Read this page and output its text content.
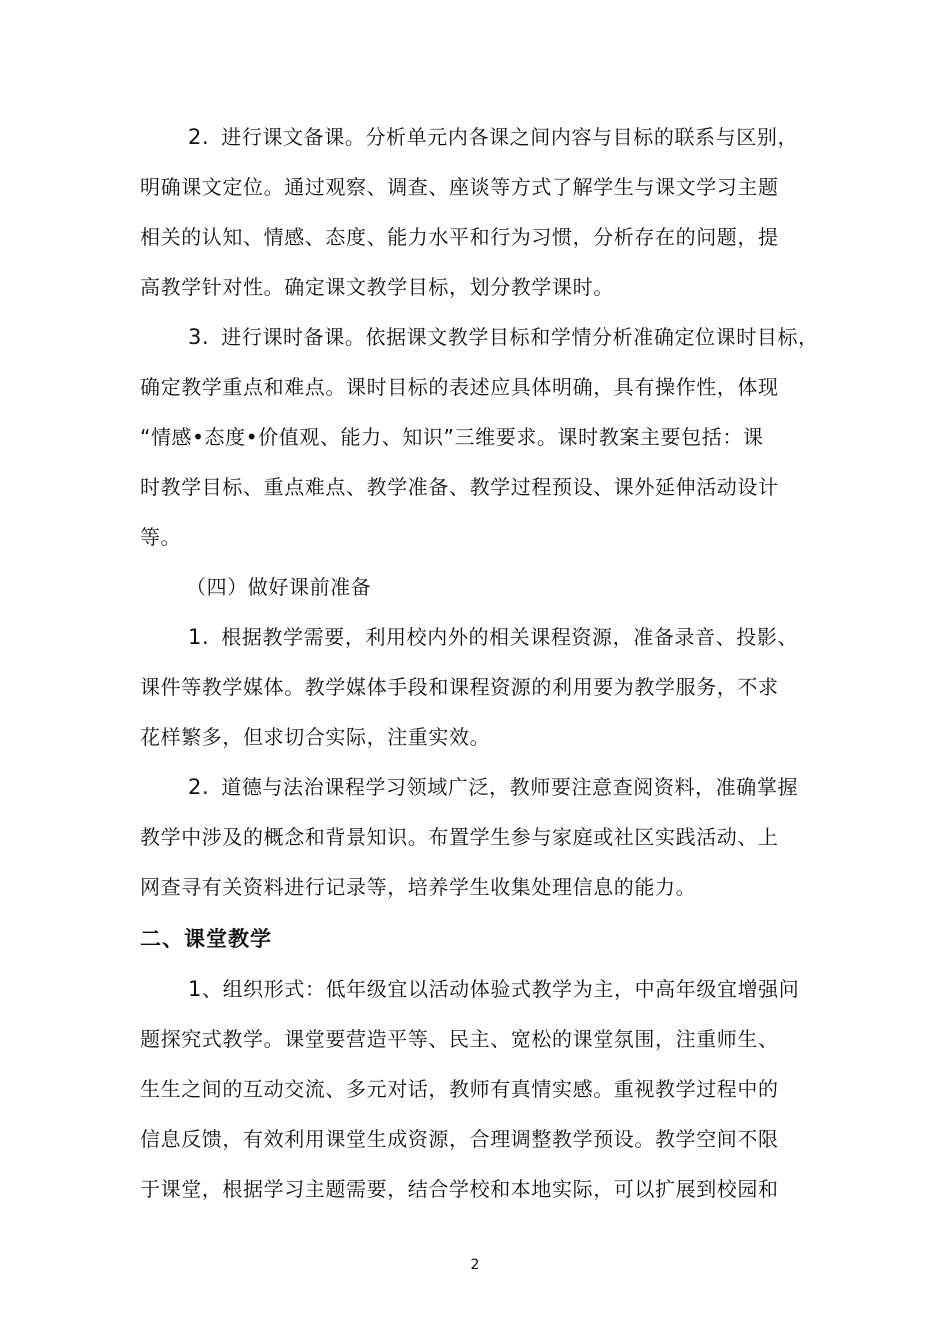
2. 进行课文备课。分析单元内各课之间内容与目标的联系与区别，
明确课文定位。通过观察、调查、座谈等方式了解学生与课文学习主题
相关的认知、情感、态度、能力水平和行为习惯，分析存在的问题，提
高教学针对性。确定课文教学目标，划分教学课时。
3. 进行课时备课。依据课文教学目标和学情分析准确定位课时目标，
确定教学重点和难点。课时目标的表述应具体明确，具有操作性，体现
“情感•态度•价值观、能力、知识”三维要求。课时教案主要包括：课
时教学目标、重点难点、教学准备、教学过程预设、课外延伸活动设计
等。
（四）做好课前准备
1. 根据教学需要，利用校内外的相关课程资源，准备录音、投影、
课件等教学媒体。教学媒体手段和课程资源的利用要为教学服务，不求
花样繁多，但求切合实际，注重实效。
2. 道德与法治课程学习领域广泛，教师要注意查阅资料，准确掌握
教学中涉及的概念和背景知识。布置学生参与家庭或社区实践活动、上
网查寻有关资料进行记录等，培养学生收集处理信息的能力。
二、课堂教学
1、组织形式：低年级宜以活动体验式教学为主，中高年级宜增强问
题探究式教学。课堂要营造平等、民主、宽松的课堂氛围，注重师生、
生生之间的互动交流、多元对话，教师有真情实感。重视教学过程中的
信息反馈，有效利用课堂生成资源，合理调整教学预设。教学空间不限
于课堂，根据学习主题需要，结合学校和本地实际，可以扩展到校园和
2
